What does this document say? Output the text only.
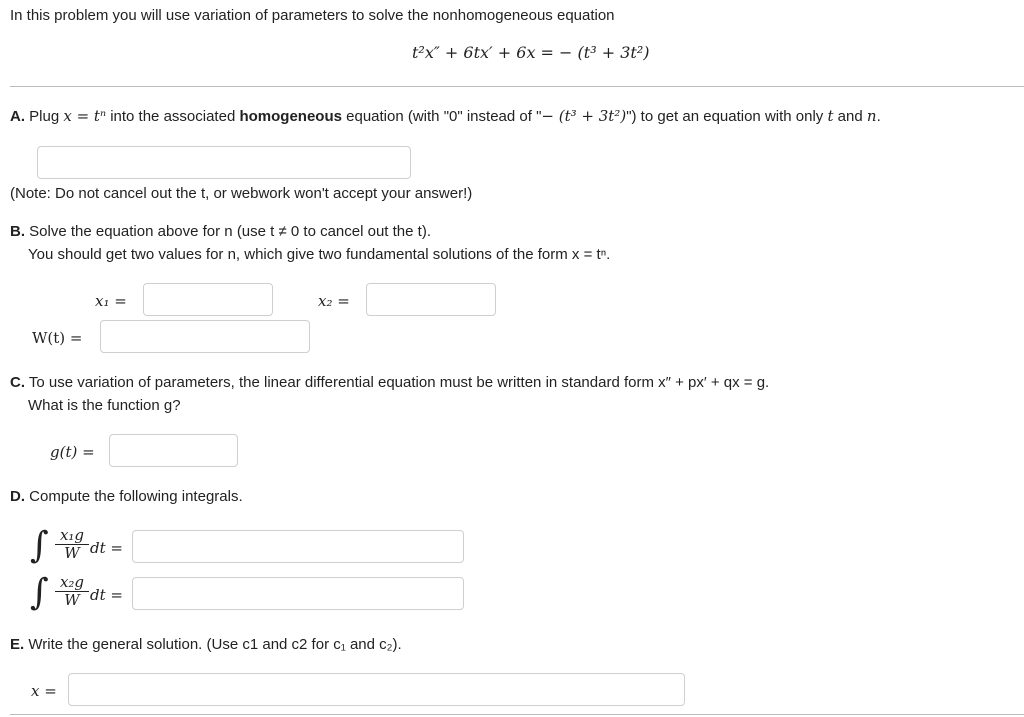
In this problem you will use variation of parameters to solve the nonhomogeneous equation
t²x″ + 6tx′ + 6x = − (t³ + 3t²)
A. Plug x = tⁿ into the associated homogeneous equation (with "0" instead of "− (t³ + 3t²)") to get an equation with only t and n.
(Note: Do not cancel out the t, or webwork won't accept your answer!)
B. Solve the equation above for n (use t ≠ 0 to cancel out the t).
You should get two values for n, which give two fundamental solutions of the form x = tⁿ.
x₁ =	x₂ =
W(t) =
C. To use variation of parameters, the linear differential equation must be written in standard form x″ + px′ + qx = g.
What is the function g?
g(t) =
D. Compute the following integrals.
∫ $\frac{\text{x₁g}}{W}$ dt =
∫ $\frac{\text{x₂g}}{W}$ dt =
E. Write the general solution. (Use c1 and c2 for c₁ and c₂).
x =
